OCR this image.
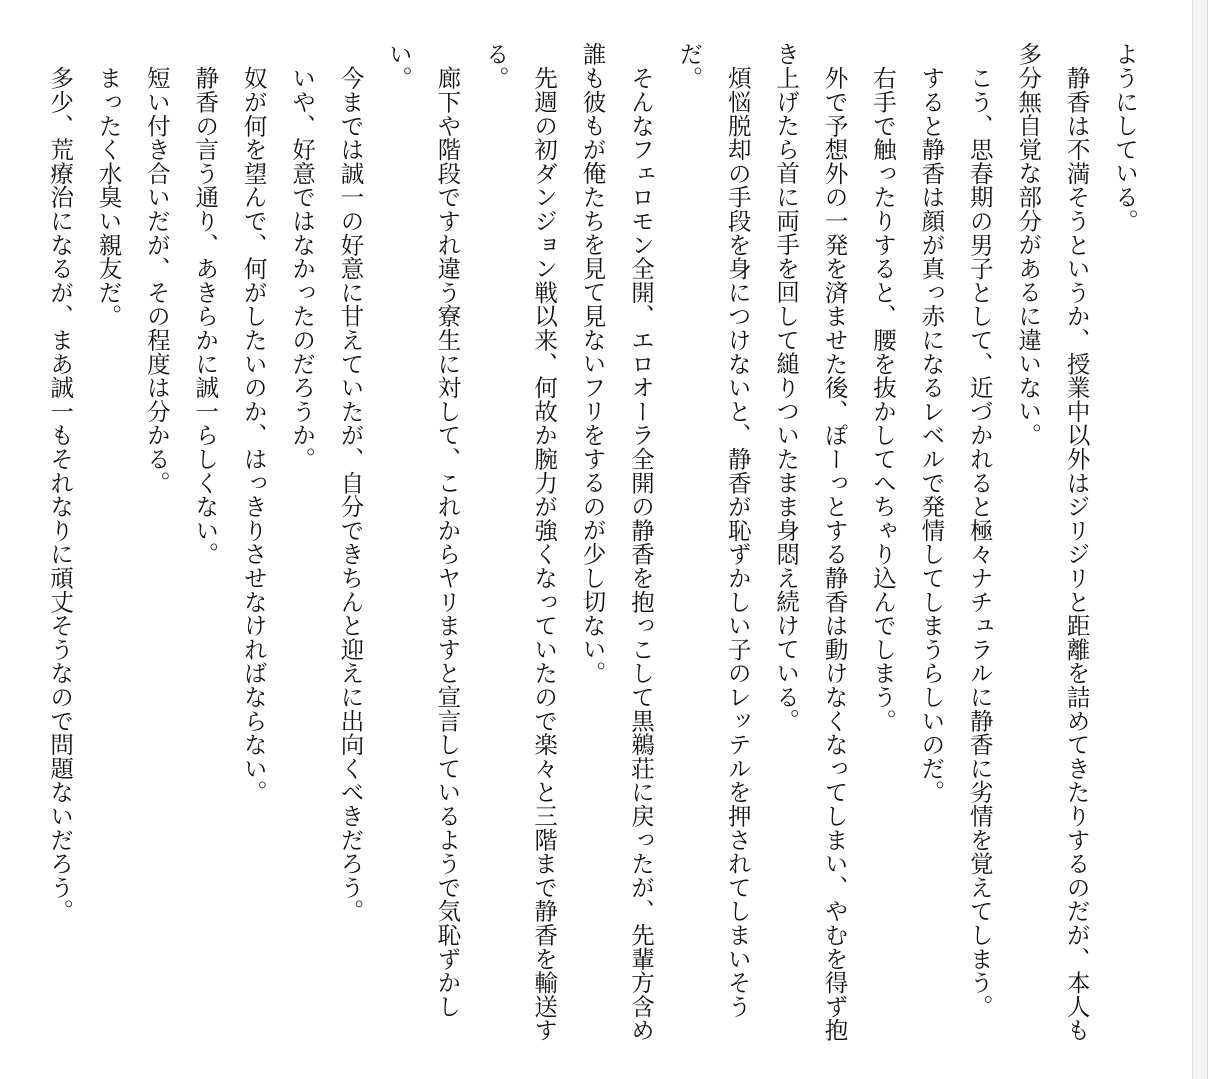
ようにしている。

静香は不満そうというか、授業中以外はジリジリと距離を詰めてきたりするのだが、本人も多分無自覚な部分があるに違いない。

こう、思春期の男子として、近づかれると極々ナチュラルに静香に劣情を覚えてしまう。

すると静香は顔が真っ赤になるレベルで発情してしまうらしいのだ。

右手で触ったりすると、腰を抜かしてへちゃり込んでしまう。

外で予想外の一発を済ませた後、ぽーっとする静香は動けなくなってしまい、やむを得ず抱き上げたら首に両手を回して縋りついたまま身悶え続けている。

煩悩脱却の手段を身につけないと、静香が恥ずかしい子のレッテルを押されてしまいそうだ。

そんなフェロモン全開、エロオーラ全開の静香を抱っこして黒鵜荘に戻ったが、先輩方含め誰も彼もが俺たちを見て見ないフリをするのが少し切ない。

先週の初ダンジョン戦以来、何故か腕力が強くなっていたので楽々と三階まで静香を輸送する。

廊下や階段ですれ違う寮生に対して、これからヤリますと宣言しているようで気恥ずかしい。

今までは誠一の好意に甘えていたが、自分できちんと迎えに出向くべきだろう。

いや、好意ではなかったのだろうか。

奴が何を望んで、何がしたいのか、はっきりさせなければならない。

静香の言う通り、あきらかに誠一らしくない。

短い付き合いだが、その程度は分かる。

まったく水臭い親友だ。

多少、荒療治になるが、まあ誠一もそれなりに頑丈そうなので問題ないだろう。
